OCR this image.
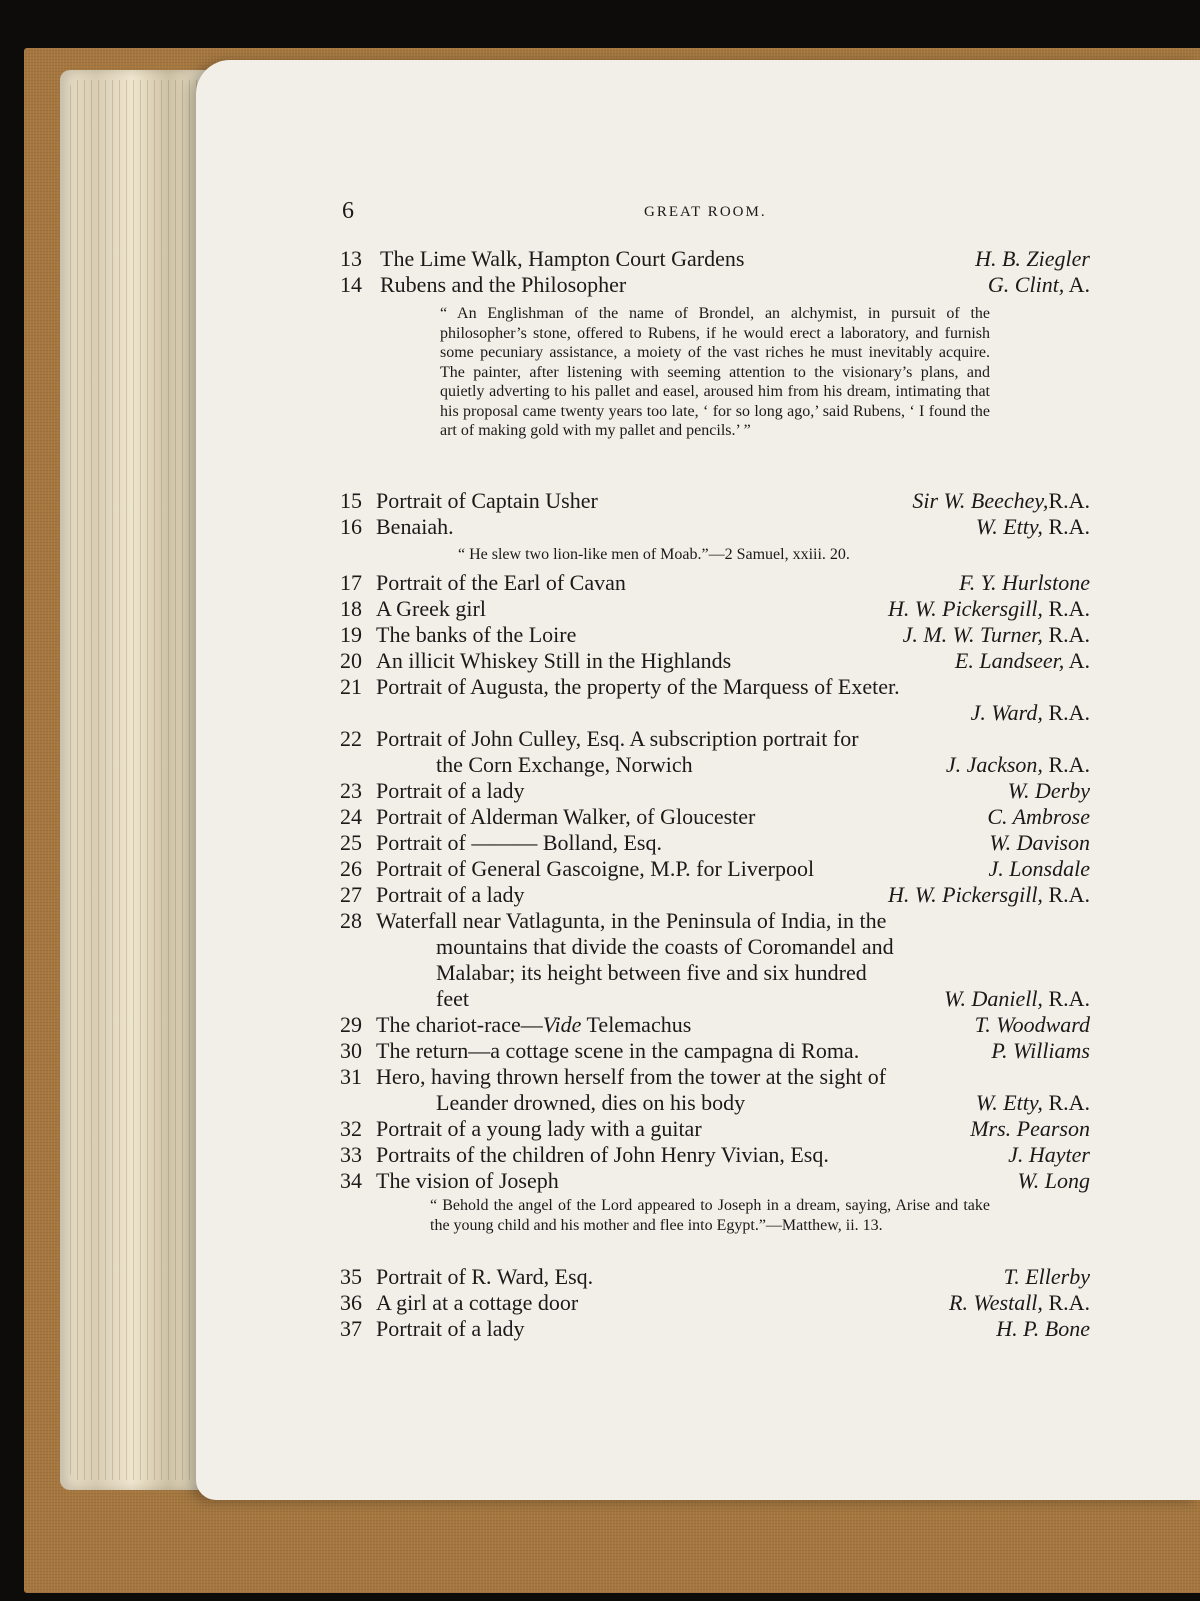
6	GREAT ROOM.
13 The Lime Walk, Hampton Court Gardens	H. B. Ziegler
14 Rubens and the Philosopher	G. Clint, A.
“ An Englishman of the name of Brondel, an alchymist, in pursuit of the philosopher’s stone, offered to Rubens, if he would erect a laboratory, and furnish some pecuniary assistance, a moiety of the vast riches he must inevitably acquire. The painter, after listening with seeming attention to the visionary’s plans, and quietly adverting to his pallet and easel, aroused him from his dream, intimating that his proposal came twenty years too late, ‘ for so long ago,’ said Rubens, ‘ I found the art of making gold with my pallet and pencils.’ ”
15 Portrait of Captain Usher	Sir W. Beechey,R.A.
16 Benaiah.	W. Etty, R.A.
“ He slew two lion-like men of Moab.”—2 Samuel, xxiii. 20.
17 Portrait of the Earl of Cavan	F. Y. Hurlstone
18 A Greek girl	H. W. Pickersgill, R.A.
19 The banks of the Loire	J. M. W. Turner, R.A.
20 An illicit Whiskey Still in the Highlands	E. Landseer, A.
21 Portrait of Augusta, the property of the Marquess of Exeter.
J. Ward, R.A.
22 Portrait of John Culley, Esq. A subscription portrait for
the Corn Exchange, Norwich	J. Jackson, R.A.
23 Portrait of a lady	W. Derby
24 Portrait of Alderman Walker, of Gloucester	C. Ambrose
25 Portrait of ——— Bolland, Esq.	W. Davison
26 Portrait of General Gascoigne, M.P. for Liverpool	J. Lonsdale
27 Portrait of a lady	H. W. Pickersgill, R.A.
28 Waterfall near Vatlagunta, in the Peninsula of India, in the
mountains that divide the coasts of Coromandel and
Malabar; its height between five and six hundred
feet	W. Daniell, R.A.
29 The chariot-race—Vide Telemachus	T. Woodward
30 The return—a cottage scene in the campagna di Roma.	P. Williams
31 Hero, having thrown herself from the tower at the sight of
Leander drowned, dies on his body	W. Etty, R.A.
32 Portrait of a young lady with a guitar	Mrs. Pearson
33 Portraits of the children of John Henry Vivian, Esq.	J. Hayter
34 The vision of Joseph	W. Long
“ Behold the angel of the Lord appeared to Joseph in a dream, saying, Arise and take the young child and his mother and flee into Egypt.”—Matthew, ii. 13.
35 Portrait of R. Ward, Esq.	T. Ellerby
36 A girl at a cottage door	R. Westall, R.A.
37 Portrait of a lady	H. P. Bone
